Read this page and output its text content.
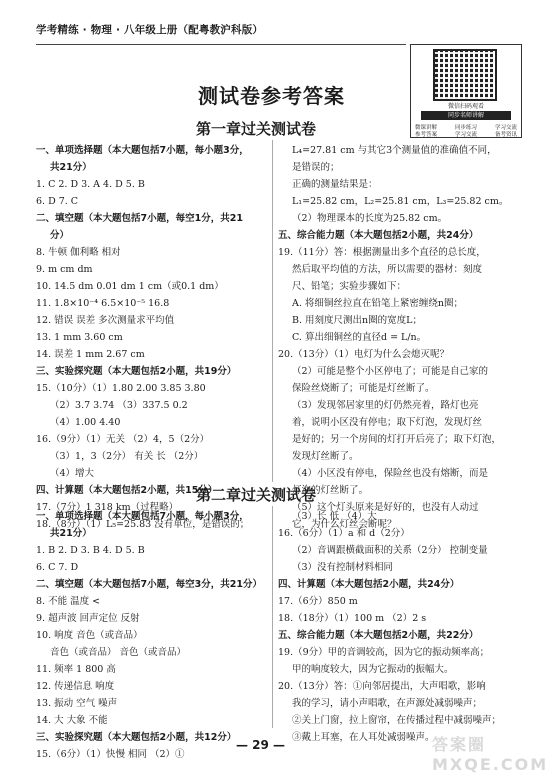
学考精练 · 物理 · 八年级上册（配粤教沪科版）
微信扫码观看
同步名师讲解
微课讲解	同步练习	学习交流
参考答案	学习交流	备考资讯
测试卷参考答案
第一章过关测试卷

一、单项选择题（本大题包括7小题，每小题3分，

共21分）

1. C 2. D 3. A 4. D 5. B

6. D 7. C

二、填空题（本大题包括7小题，每空1分，共21

分）

8. 牛顿 伽利略 相对

9. m cm dm

10. 14.5 dm 0.01 dm 1 cm（或0.1 dm）

11. 1.8×10⁻⁴ 6.5×10⁻⁵ 16.8

12. 错误 误差 多次测量求平均值

13. 1 mm 3.60 cm

14. 误差 1 mm 2.67 cm

三、实验探究题（本大题包括2小题，共19分）

15.（10分）（1）1.80 2.00 3.85 3.80

（2）3.7 3.74 （3）337.5 0.2

（4）1.00 4.40

16.（9分）（1）无关 （2）4，5（2分）

（3）1，3（2分） 有关 长 （2分）

（4）增大

四、计算题（本大题包括2小题，共15分）

17.（7分）1 318 km（过程略）

18.（8分）（1）L₅=25.83 没有单位，是错误的；

L₄=27.81 cm 与其它3个测量值的准确值不同，

是错误的；

正确的测量结果是：

L₁=25.82 cm，L₂=25.81 cm，L₃=25.82 cm。

（2）物理课本的长度为25.82 cm。

五、综合能力题（本大题包括2小题，共24分）

19.（11分）答：根据测量出多个直径的总长度，

然后取平均值的方法，所以需要的器材：刻度

尺、铅笔；实验步骤如下：

A. 将细铜丝拉直在铅笔上紧密缠绕n圈；

B. 用刻度尺测出n圈的宽度L；

C. 算出细铜丝的直径d = L/n。

20.（13分）（1）电灯为什么会熄灭呢？

（2）可能是整个小区停电了；可能是自己家的

保险丝烧断了；可能是灯丝断了。

（3）发现邻居家里的灯仍然亮着，路灯也亮

着，说明小区没有停电；取下灯泡，发现灯丝

是好的；另一个房间的灯打开后亮了；取下灯泡，

发现灯丝断了。

（4）小区没有停电，保险丝也没有熔断，而是

灯泡的灯丝断了。

（5）这个灯头原来是好好的，也没有人动过

它，为什么灯丝会断呢？

第二章过关测试卷

一、单项选择题（本大题包括7小题，每小题3分，

共21分）

1. B 2. D 3. B 4. D 5. B

6. C 7. D

二、填空题（本大题包括7小题，每空3分，共21分）

8. 不能 温度 <

9. 超声波 回声定位 反射

10. 响度 音色（或音品）

音色（或音品） 音色（或音品）

11. 频率 1 800 高

12. 传递信息 响度

13. 振动 空气 噪声

14. 大 大象 不能

三、实验探究题（本大题包括2小题，共12分）

15.（6分）（1）快慢 相同 （2）①

（3）长 低 （4）大

16.（6分）（1）a 和 d（2分）

（2）音调跟横截面积的关系（2分） 控制变量

（3）没有控制材料相同

四、计算题（本大题包括2小题，共24分）

17.（6分）850 m

18.（18分）（1）100 m （2）2 s

五、综合能力题（本大题包括2小题，共22分）

19.（9分）甲的音调较高，因为它的振动频率高；

甲的响度较大，因为它振动的振幅大。

20.（13分）答：①向邻居提出，大声唱歌，影响

我的学习，请小声唱歌，在声源处减弱噪声；

②关上门窗，拉上窗帘，在传播过程中减弱噪声；

③戴上耳塞，在人耳处减弱噪声。

— 29 —	答案圈 MXQE.COM
